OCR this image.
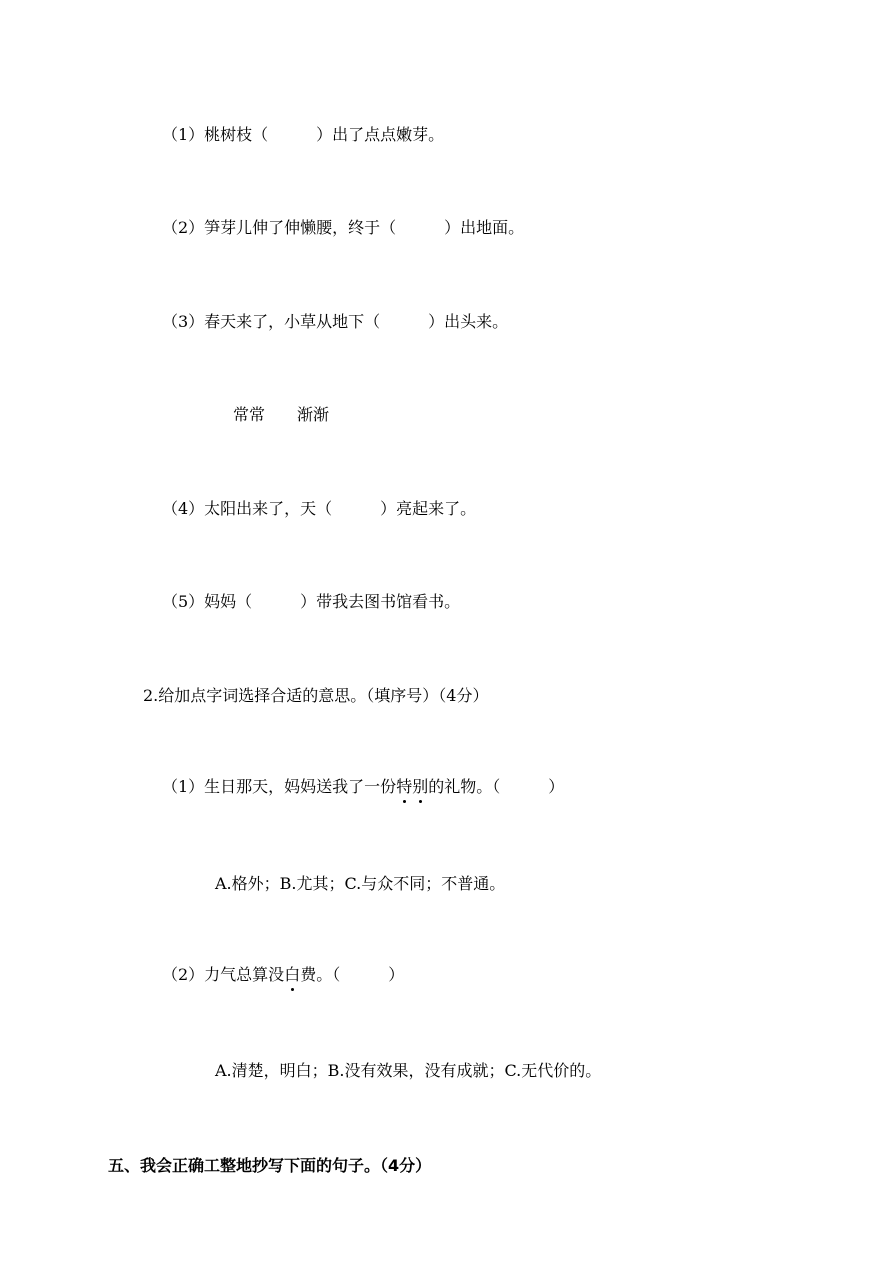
（1）桃树枝（　　　）出了点点嫩芽。
（2）笋芽儿伸了伸懒腰，终于（　　　）出地面。
（3）春天来了，小草从地下（　　　）出头来。
常常　　渐渐
（4）太阳出来了，天（　　　）亮起来了。
（5）妈妈（　　　）带我去图书馆看书。
2.给加点字词选择合适的意思。（填序号）（4分）
（1）生日那天，妈妈送我了一份特别的礼物。（　　　）
A.格外；B.尤其；C.与众不同；不普通。
（2）力气总算没白费。（　　　）
A.清楚，明白；B.没有效果，没有成就；C.无代价的。
五、我会正确工整地抄写下面的句子。（4分）
